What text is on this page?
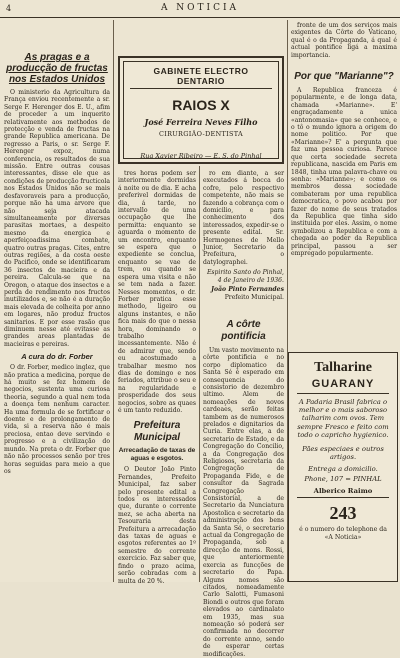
4	A NOTICIA
As pragas e a producção de fructas nos Estados Unidos

O ministerio da Agricultura da França enviou recentemente a sr. Serge F. Herenger dos E. U., afim de proceder a um inquerito relativamente aos methodos de protecção e venda de fructas na grande Republica americana. De regresso a Paris, o sr. Serge F. Herenger expoz, numa conferencia, os resultados de sua missão. Entre outras cousas interessantes, disse ele que as condições de producção fructicola nos Estados Unidos não se mais desfavoraveis para a producção, porque não ha uma arvore que não seja atacada simultaneamente por diversas parasitas mortaes, a despeito mesmo da energica e aperfeiçoadissima combate, quatro outras pragas. Cites, entre outras regiões, a da costa oeste do Pacifico, onde se identificaram 36 insectos de macieira e da pereira. Calcula-se que na Oregon, o ataque dos insectos e a perda de rendimento nos fructos inutilizados e, se não é a duração mais elevada de colheita por anno em logares, não produz fructos sanitarios. E por esse rasão que diminuem nesse até evitasse as grandes areas plantadas de macieiras e pereiras.

A cura do dr. Forber

O dr. Forber, medico inglez, que não pratica a medicina, porque de há muito se fez homem de negocios, sustenta uma curiosa theoria, segundo a qual nem toda a doença tem nenhum caracter. Ha uma formula de se fortificar o doente e de prolongamento de vida, si a reserva não é mais preciosa, entao deve servindo e progresso e a civilização do mundo. Na preta o dr. Forber que não não processos senão por tres horas seguidas para meio a que os

GABINETE ELECTRO DENTARIO
RAIOS X
José Ferreira Neves Filho
CIRURGIÃO-DENTISTA
Rua Xavier Ribeiro — E. S. do Pinhal

tres horas podem ser interiormente dormidas á noite ou de dia. E acha preferivel dormidas de dia, á tarde, no intervallo de uma occupação que lhe permitta: enquanto se aguarda o momento de um encontro, enquanto se espera que o expediente se conclua, enquanto se vae de trem, ou quando se espera uma visita e não se tem nada a fazer. Nesses momentos, o dr. Forber pratica esse methodo, ligeiro ou alguns instantes, e não fica mais do que o nessa hora, dominando o trabalho incessantemente. Não é de admirar que, sendo eu acostumado a trabalhar mesmo nos dias de domingo e nos feriados, attribue o seu e na regularidade e prosperidade dos seus negocios, sobre as quaes é um tanto reduzido.

Prefeitura Municipal
Arrecadação de taxas de aguas e esgotos.

O Deutor João Pinto Fernandes, Prefeito Municipal, faz saber pelo presente edital a todos os interessados que, durante o corrente mez, se acha aberta na Tesouraria desta Prefeitura a arrecadação das taxas de aguas e esgotos referentes ao 1º semestre do corrente exercicio. Faz saber que, findo o prazo acima, serão cobradas com a multa de 20 %.

ro em diante, a ser executados á bocca do cofre, pelo respectivo competente, não mais se fazendo a cobrança com o domicilio, e para conhecimento dos interessados, expedir-se o presente edital. Sr. Hermogenes de Mello Junior, Secretario da Prefeitura, o datylographei.

Espirito Santo do Pinhal, 4 de Janeiro de 1936.
João Pinto Fernandes
Prefeito Municipal.
A côrte pontificia

Um vasto movimento na côrte pontificia e no corpo diplomatico da Santa Sé é esperado em consequencia do consistorio de dezembro ultimo. Alem de nomeações de novos cardeaes, serão feitas tambem as de numerosos prelados e dignitarios da Curia. Entre elas, a de secretario de Estado, e da Congregação do Concilio, a da Congregação dos Religiosos, secretaria da Congregação de Propaganda Fide, e de consultor da Sagrada Congregação Consistorial, a de Secretario da Nunciatura Apostolica e secretario da administração dos bens da Santa Sé, o secretario actual da Congregação de Propaganda, sob a direcção de mons. Rossi, que anteriormente exercia as funcções de secretario do Papa. Alguns nomes são citados, nomeadamente Carlo Salotti, Fumasoni Biondi e outros que foram elevados ao cardinalato em 1935, mas sua nomeação só poderá ser confirmada no decorrer do corrente anno, sendo de esperar certas modificações.

fronte de um dos serviços mais exigentes da Côrte do Vaticano, qual é o da Propaganda, á qual é actual pontifice ligá a maxima importancia.

Por que "Marianne"?

A Republica franceza é popularmente, e de longa data, chamada «Marianne». E' engraçadamente a unica «antonomasia» que se conhece, e o tô o mundo ignora a origem do nome politico. Por que «Marianne»? E' a pergunta que faz uma pessoa curiosa. Parece que certa sociedade secreta republicana, nascida em Paris em 1848, tinha uma palavra-chave ou senha: «Marianne»; e como os membros dessa sociedade combateram por uma republica democratica, o povo acabou por fazer do nome de seus tratados da Republica que tinha sido instituida por eles. Assim, o nome symbolizou a Republica e com a chegada ao poder da Republica principal, passou a ser empregado popularmente.

Talharine
GUARANY
A Padaria Brasil fabrica o melhor e o mais saboroso talharim com ovos. Tem sempre Fresco e feito com todo o capricho hygienico.
Pães especiaes e outros artigos.
Entrega a domicilio.
Phone, 107 = PINHAL
Alberico Raimo
243
é o numero do telephone da «A Noticia»
